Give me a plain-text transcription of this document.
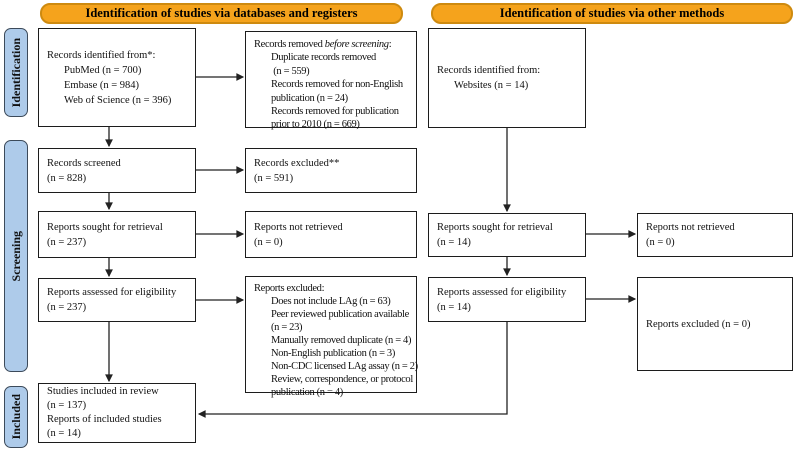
Identification of studies via databases and registers	Identification of studies via other methods
Identification
Screening
Included
Records identified from*:
PubMed (n = 700)
Embase (n = 984)
Web of Science (n = 396)
Records screened
(n = 828)
Reports sought for retrieval
(n = 237)
Reports assessed for eligibility
(n = 237)
Studies included in review
(n = 137)
Reports of included studies
(n = 14)
Records removed before screening:
Duplicate records removed
(n = 559)
Records removed for non-English
publication (n = 24)
Records removed for publication
prior to 2010 (n = 669)
Records excluded**
(n = 591)
Reports not retrieved
(n = 0)
Reports excluded:
Does not include LAg (n = 63)
Peer reviewed publication available
(n = 23)
Manually removed duplicate (n = 4)
Non-English publication (n = 3)
Non-CDC licensed LAg assay (n = 2)
Review, correspondence, or protocol
publication (n = 4)
Records identified from:
Websites (n = 14)
Reports sought for retrieval
(n = 14)
Reports assessed for eligibility
(n = 14)
Reports not retrieved
(n = 0)
Reports excluded (n = 0)
